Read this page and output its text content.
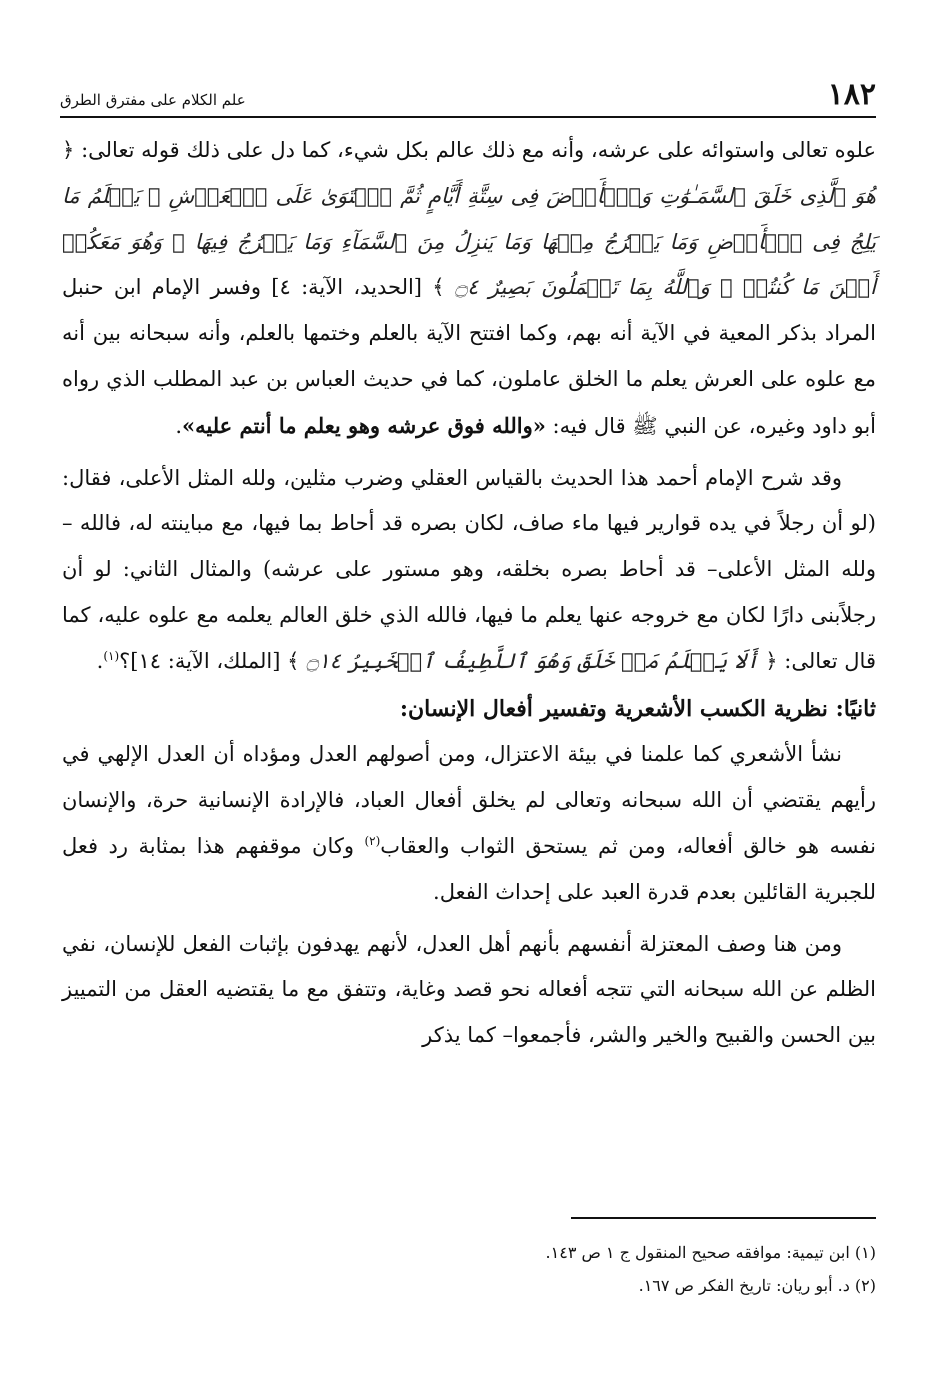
١٨٢
علم الكلام على مفترق الطرق

علوه تعالى واستوائه على عرشه، وأنه مع ذلك عالم بكل شيء، كما دل على ذلك قوله تعالى: ﴿ هُوَ ٱلَّذِى خَلَقَ ٱلسَّمَـٰوَٰتِ وَٱلۡأَرۡضَ فِى سِتَّةِ أَيَّامٍ ثُمَّ ٱسۡتَوَىٰ عَلَى ٱلۡعَرۡشِ ۚ يَعۡلَمُ مَا يَلِجُ فِى ٱلۡأَرۡضِ وَمَا يَخۡرُجُ مِنۡهَا وَمَا يَنزِلُ مِنَ ٱلسَّمَآءِ وَمَا يَعۡرُجُ فِيهَا ۖ وَهُوَ مَعَكُمۡ أَيۡنَ مَا كُنتُمۡ ۚ وَٱللَّهُ بِمَا تَعۡمَلُونَ بَصِيرٌ ۝٤ ﴾ [الحديد، الآية: ٤] وفسر الإمام ابن حنبل المراد بذكر المعية في الآية أنه بهم، وكما افتتح الآية بالعلم وختمها بالعلم، وأنه سبحانه بين أنه مع علوه على العرش يعلم ما الخلق عاملون، كما في حديث العباس بن عبد المطلب الذي رواه أبو داود وغيره، عن النبي ﷺ قال فيه: «والله فوق عرشه وهو يعلم ما أنتم عليه».

وقد شرح الإمام أحمد هذا الحديث بالقياس العقلي وضرب مثلين، ولله المثل الأعلى، فقال: (لو أن رجلاً في يده قوارير فيها ماء صاف، لكان بصره قد أحاط بما فيها، مع مباينته له، فالله –ولله المثل الأعلى– قد أحاط بصره بخلقه، وهو مستور على عرشه) والمثال الثاني: لو أن رجلاًبنى دارًا لكان مع خروجه عنها يعلم ما فيها، فالله الذي خلق العالم يعلمه مع علوه عليه، كما قال تعالى: ﴿ أَلَا يَعۡلَمُ مَنۡ خَلَقَ وَهُوَ ٱللَّطِيفُ ٱلۡخَبِيرُ ۝١٤ ﴾ [الملك، الآية: ١٤]؟$^{(١)}$.

ثانيًا: نظرية الكسب الأشعرية وتفسير أفعال الإنسان:

نشأ الأشعري كما علمنا في بيئة الاعتزال، ومن أصولهم العدل ومؤداه أن العدل الإلهي في رأيهم يقتضي أن الله سبحانه وتعالى لم يخلق أفعال العباد، فالإرادة الإنسانية حرة، والإنسان نفسه هو خالق أفعاله، ومن ثم يستحق الثواب والعقاب$^{(٢)}$ وكان موقفهم هذا بمثابة رد فعل للجبرية القائلين بعدم قدرة العبد على إحداث الفعل.

ومن هنا وصف المعتزلة أنفسهم بأنهم أهل العدل، لأنهم يهدفون بإثبات الفعل للإنسان، نفي الظلم عن الله سبحانه التي تتجه أفعاله نحو قصد وغاية، وتتفق مع ما يقتضيه العقل من التمييز بين الحسن والقبيح والخير والشر، فأجمعوا– كما يذكر

(١) ابن تيمية: موافقه صحيح المنقول ج ١ ص ١٤٣.

(٢) د. أبو ريان: تاريخ الفكر ص ١٦٧.
